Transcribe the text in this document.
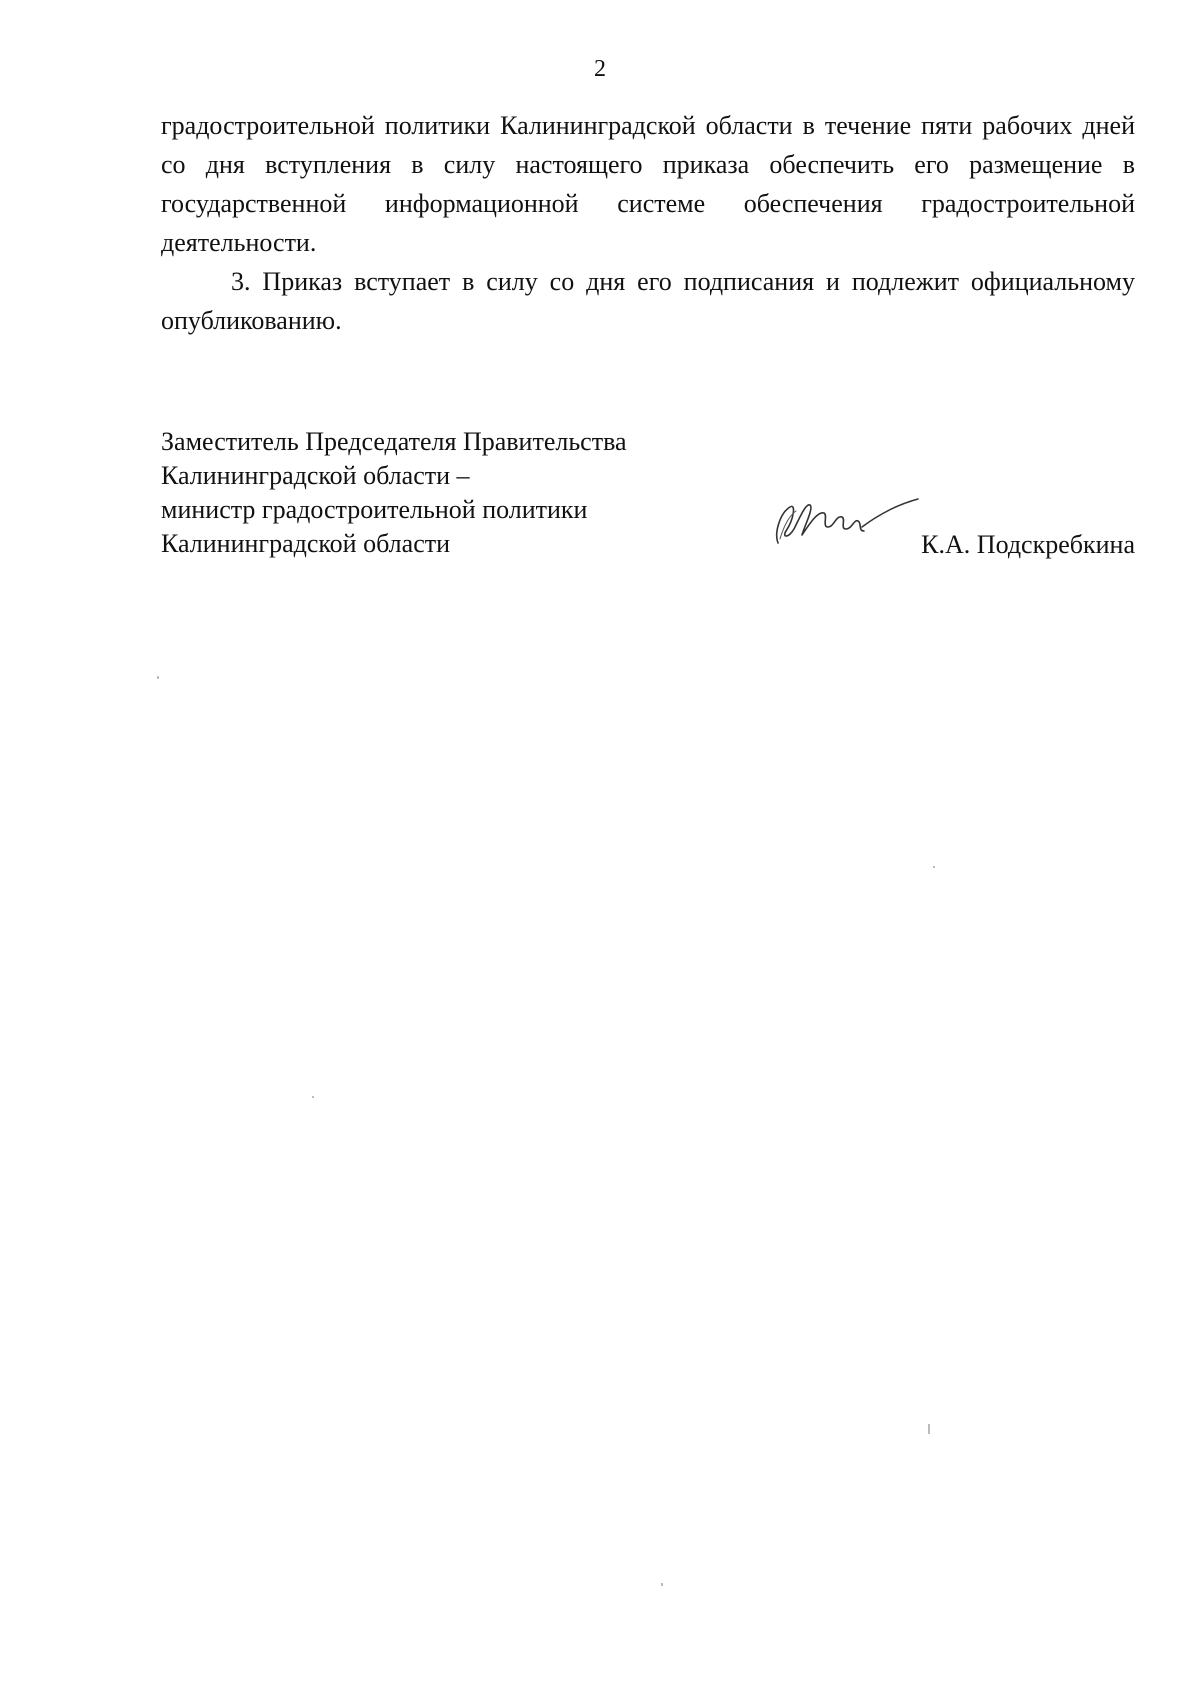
2

градостроительной политики Калининградской области в течение пяти рабочих дней со дня вступления в силу настоящего приказа обеспечить его размещение в государственной информационной системе обеспечения градостроительной деятельности.

3. Приказ вступает в силу со дня его подписания и подлежит официальному опубликованию.

Заместитель Председателя Правительства
Калининградской области –
министр градостроительной политики
Калининградской области	К.А. Подскребкина
